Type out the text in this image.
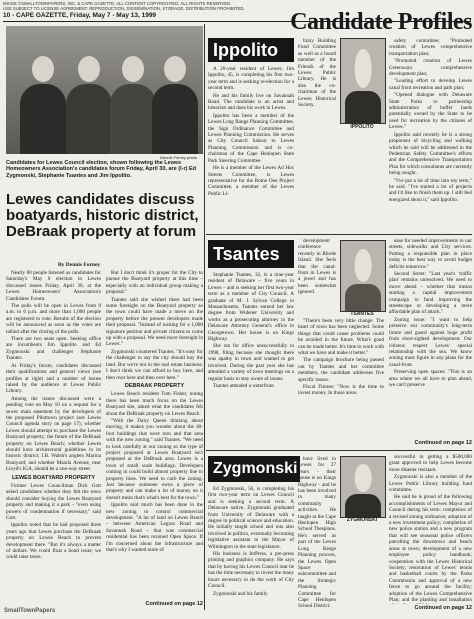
IMAGE ©SMALLTOWNPAPERS, INC. & CAPE GAZETTE. ALL CONTENT COPYRIGHTED. ALL RIGHTS RESERVED.
USE SUBJECT TO LICENSE AGREEMENT. REPRODUCTION, DISSEMINATION, STORAGE, DISTRIBUTION PROHIBITED.
10 - CAPE GAZETTE, Friday, May 7 - May 13, 1999
Dennis Forney photo
Candidates for Lewes Council election, shown following the Lewes Homeowners Association's candidates forum Friday, April 30, are (l-r) Ed Zygmonski, Stephanie Tsantes and Jim Ippolito.
Lewes candidates discuss boatyards, historic district, DeBraak property at forum
By Dennis Forney

Nearly 80 people listened as candidates for Saturday's May 8 election in Lewes discussed issues Friday, April 30, at the Lewes Homeowners' Association's Candidates Forum.

The polls will be open in Lewes from 8 a.m. to 6 p.m. and more than 1,000 people are registered to vote. Results of the election will be announced as soon as the votes are tallied after the closing of the polls.

There are two seats open. Seeking office are incumbents Jim Ippolito and Ed Zygmonski and challenger Stephanie Tsantes.

At Friday's forum, candidates discussed their qualifications and general views (see profiles at right) and a number of issues raised by the audience at Lewes Public Library.

Among the issues discussed were a pending vote on May 10 on a request for a sewer main easement by the developers of the proposed Pilottown project (see Lewes Council agenda story on page 17); whether Lewes should attempt to purchase the Lewes Boatyard property; the future of the DeBraak property on Lewes Beach; whether Lewes should have architectural guidelines in its historic district; J.B. Walsh's anglers Marina Boatyard; and whether Manila Avenue, near Lloyd's IGA, should be a one-way street.

LEWES BOATYARD PROPERTY

Former Lewes Councilman Dick Gott asked candidates whether they felt the town should consider buying the Lewes Boatyard property and making it a park – "even using powers of condemnation if necessary," said Gott.

Ippolito noted that he had proposed three years ago that Lewes purchase the DeBraak property on Lewes Beach to prevent development there. "But it's always a matter of dollars. We could float a bond issue; we could raise taxes.

But I don't think it's proper for the City to pursue the Boatyard property at this time – especially with an individual group making a proposal."

Tsantes said she wished there had been some foresight on the Boatyard property so the town could have made a move on the property before the present developers made their proposal. "Instead of waiting for a 1,000 signature petition and private citizens to come up with a proposal. We need more foresight in Lewes."

Zygmonski countered Tsantes. "It's easy for the challenger to say the city should buy the land. But we're not in the real estate business. I don't think we can afford to buy here, and then over here and then over here."

DEBRAAK PROPERTY

Lewes Beach resident Tom Fisher, noting there has been much focus on the Lewes Boatyard site, asked what the candidates felt about the DeBraak property on Lewes Beach.

"With the Dairy Queen thinking about moving, it makes you wonder about the 40-foot buildings that were torn and that area with the new zoning," said Tsantes. "We need to look carefully at our zoning so the type of project proposed at Lewes Boatyard isn't proposed at the DeBraak area. Lewes is a town of small scale buildings. Developers coming in could build almost property line to property lines. We need to curb the zoning. Just because someone owns a piece of property and can make a lot of money on it doesn't mean that's what's best for the town."

Ippolito said much has been done in the new zoning to control commercial development. "A lot of land on Lewes Beach – between American Legion Road and Savannah Road – that was commercial residential has been rezoned Open Space. If I'm concerned about the infrastructure and that's why I wanted more of

Continued on page 12
Candidate Profiles
Ippolito

A 20-year resident of Lewes, Jim Ippolito, 45, is completing his first two-year term and is seeking re-election for a second term.

He and his family live on Savannah Road. The candidate is an artist and historian and does his work in Lewes.

Ippolito has been a member of the Lewes Long Range Planning Committee, the Sign Ordinance Committee and Lewes Planning Commission. He serves as City Council liaison to Lewes Planning Commission and is co-chairman of the Cape Henlopen State Park Steering Committee.

He is a member of the Lewes Ad Hoc Streets Committee, is Lewes representative for the Rome Ooe Project Committee, a member of the Lewes Public Li-

brary Building Fund Committee as well as a board member of the Friends of the Lewes Public Library. He is also the co-chairman of the Lewes Historical Society.

IPPOLITO

safety committee; "Promoted creation of Lewes comprehensive transportation plan;

"Promoted creation of Lewes Greenways comprehensive development plan;

"Leading effort to develop Lewes canal front recreation and park plan;

"Opened dialogue with Delaware State Parks to partnership administration of buffer lands potentially owned by the State to be used for recreation by the citizens of Lewes."

Ippolito said recently he is a strong proponent of bicycling and walking which he said will be addressed in the Pedestrian Safety Committee's efforts and the Comprehensive Transportation Plan for which consultants are currently being sought.

"I've put a lot of time into my term," he said. "I've started a lot of projects and I'd like to finish them up. I still feel energized about it," said Ippolito.

Tsantes

Stephanie Tsantes, 32, is a nine-year resident of Delaware – five years in Lewes – and is seeking her first two-year term as a member of City Council. A graduate of M. J. Sylvan College in Massachusetts, Tsantes earned her law degree from Widener University and works as a prosecuting attorney in the Delaware Attorney General's office in Georgetown. Her house is on Kings Highway.

She ran for office unsuccessfully in 1998, filing because she thought there was apathy in town and wanted to get involved. During the past year she has attended a variety of town meetings on a regular basis to stay aware of issues.

Tsantes attended a waterfront

development conference recently in Rhode Island. She feels that the canal-front in Lewes is a jewel and has been somewhat ignored.

TSANTES

"There's been very little change. The heart of town has been neglected. Some things that could cause problems could be avoided in the future. What's good can be made better. It's time to work with what we have and make it better."

The campaign brochure being passed out by Tsantes and her committee members, the candidate addresses five specific issues.

Fiscal Fitness: "Now is the time to invest money. In those areas

ease for needed improvements to our streets, sidewalks and City services. Putting a responsible plan in place today is the best way to avoid budget deficits tomorrow."

Second Street: "Last year's 'traffic plan' remains unresolved. We need to move ahead – whether that means starting a capital improvement campaign to fund improving the streetscape or developing a more affordable plan of attack."

Zoning issue: "I want to help preserve our community's long-term future and guard against huge profit from short-sighted development. Our citizens respect Lewes' special relationship with the sea. We know zoning must figure in any plans for the canal-front.

Preserving open spaces: "This is an area where we all have to plan ahead, we can't preserve

Continued on page 12
Zygmonski

Ed Zygmonski, 56, is completing his first two-year term on Lewes Council and is seeking a second term. A Delaware native, Zygmonski graduated from University of Delaware with a degree in political science and education. He initially taught school and was also involved in politics, eventually becoming legislative assistant to the Mayor of Wilmington in the state legislature.

His business is IntPress, a pre-press printing and graphics company. He says that by having his Lewes Council seat he has the time necessary to invest the many hours necessary to do the work of City Council.

Zygmonski and his family

ZYGMONSKI

have lived in Lewes for 27 years - their house is on Kings Highway - and he has been involved in many community activities. He taught at the Cape Henlopen High School Thespians. He's served as part of the Lewes Long Range Planning process, the Lewes Open Space subcommittee and the Strategic Planning Committee for Cape Henlopen School District.

successful in getting a $500,000 grant approved to help Lewes become more disaster resistant.

Zygmonski is also a member of the Lewes Public Library building fund committee.

He said he is proud of the following accomplishments of Lewes Mayor and Council during his term: completion of a revised zoning ordinance; adoption of a new investment policy; completion of new police station and a new program that will see seasonal police officers patrolling the downtown and beach areas at town; development of a new employee policy handbook; cooperation with the Lewes Historical Society; restoration of Lewes' tennis and basketball courts by the Parks Commission and approval of a new fence to go around the facility; adoption of the Lewes Comprehensive Plan; and the planting and installation

Continued on page 12
SmallTownPapers
